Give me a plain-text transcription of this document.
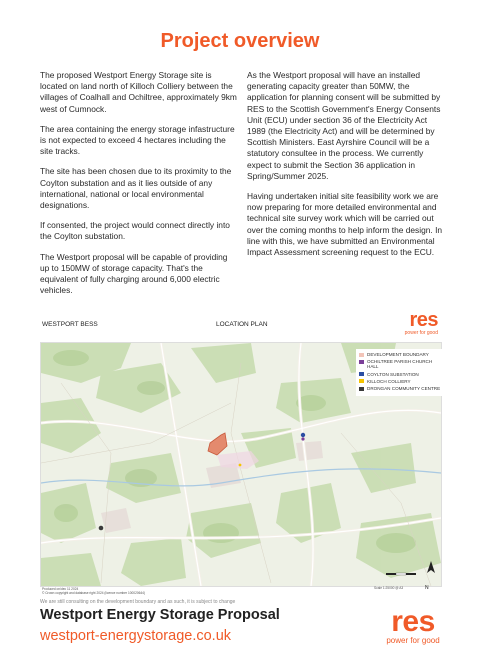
Project overview

The proposed Westport Energy Storage site is located on land north of Killoch Colliery between the villages of Coalhall and Ochiltree, approximately 9km west of Cumnock.

The area containing the energy storage infastructure is not expected to exceed 4 hectares including the site tracks.

The site has been chosen due to its proximity to the Coylton substation and as it lies outside of any international, national or local environmental designations.

If consented, the project would connect directly into the Coylton substation.

The Westport proposal will be capable of providing up to 150MW of storage capacity. That's the equivalent of fully charging around 6,000 electric vehicles.

As the Westport proposal will have an installed generating capacity greater than 50MW, the application for planning consent will be submitted by RES to the Scottish Government's Energy Consents Unit (ECU) under section 36 of the Electricity Act 1989 (the Electricity Act) and will be determined by Scottish Ministers. East Ayrshire Council will be a statutory consultee in the process. We currently expect to submit the Section 36 application in Spring/Summer 2025.

Having undertaken initial site feasibility work we are now preparing for more detailed environmental and technical site survey work which will be carried out over the coming months to help inform the design. In line with this, we have submitted an Environmental Impact Assessment screening request to the ECU.

WESTPORT BESS	LOCATION PLAN	res
power for good
DEVELOPMENT BOUNDARY
OCHILTREE PARISH CHURCH HALL
COYLTON SUBSTATION
KILLOCH COLLIERY
DRONGAN COMMUNITY CENTRE
Produced on/dec 11 2024
© Crown copyright and database right 2024 (licence number 100020644)
Scale 1:25000 @ A3	N
We are still consulting on the development boundary and as such, it is subject to change
Westport Energy Storage Proposal
westport-energystorage.co.uk	res
power for good
